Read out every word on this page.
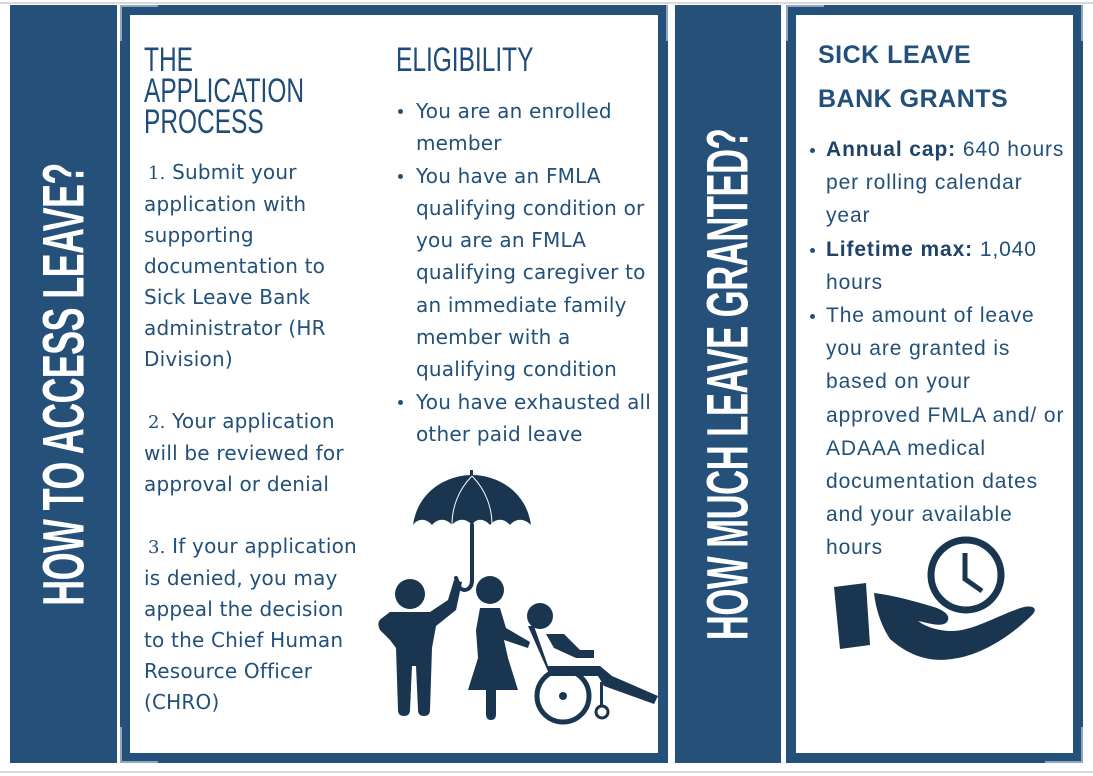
HOW TO ACCESS LEAVE?
THE
APPLICATION
PROCESS
1. Submit your application with supporting documentation to Sick Leave Bank administrator (HR Division)
2. Your application will be reviewed for approval or denial
3. If your application is denied, you may appeal the decision to the Chief Human Resource Officer (CHRO)
ELIGIBILITY
You are an enrolled member
You have an FMLA qualifying condition or you are an FMLA qualifying caregiver to an immediate family member with a qualifying condition
You have exhausted all other paid leave	HOW MUCH LEAVE GRANTED?
SICK LEAVE
BANK GRANTS
Annual cap: 640 hours per rolling calendar year
Lifetime max: 1,040 hours
The amount of leave you are granted is based on your approved FMLA and/ or ADAAA medical documentation dates and your available hours
